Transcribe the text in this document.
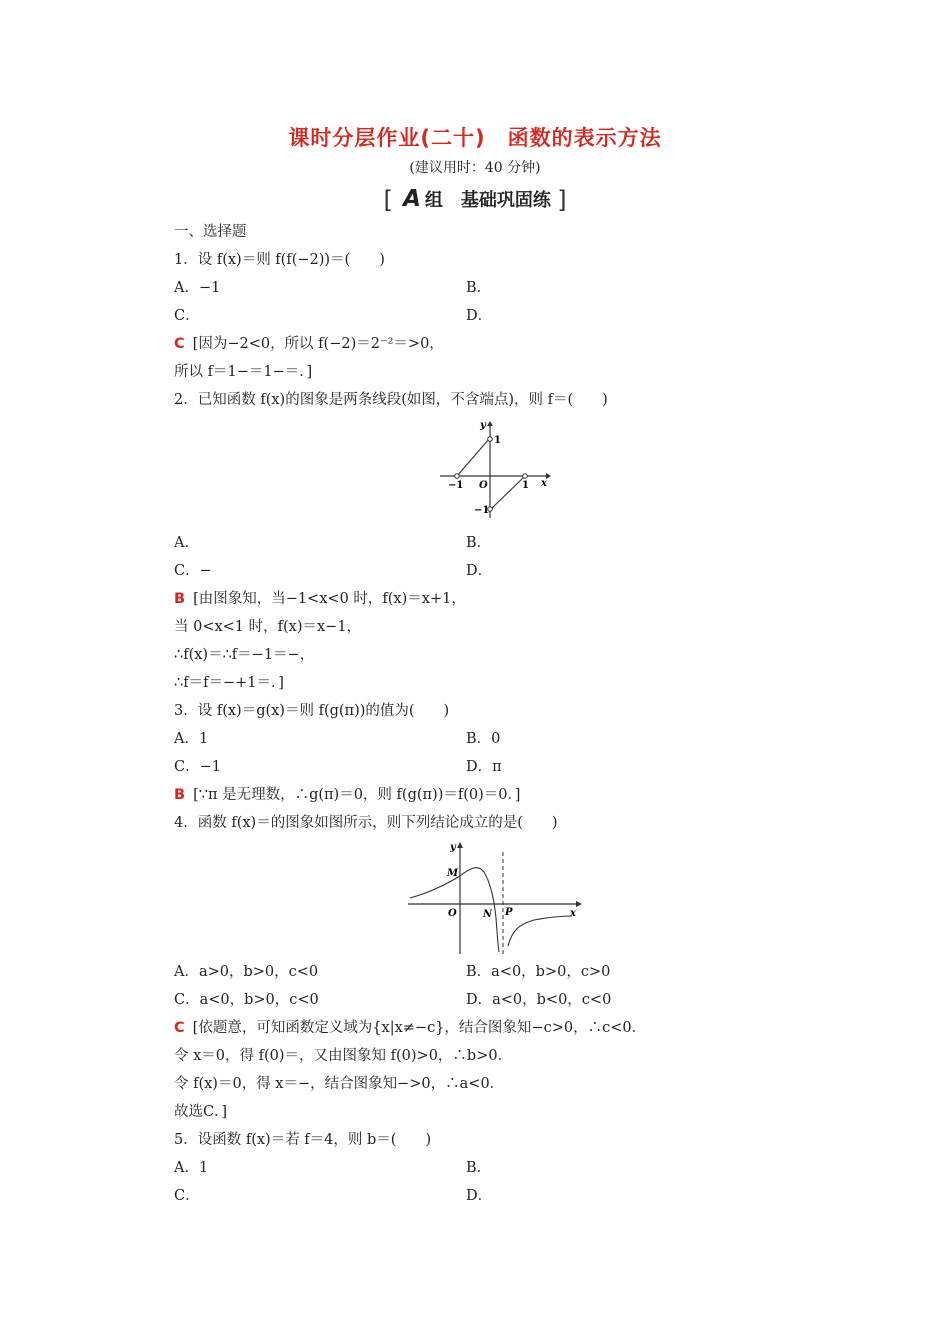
课时分层作业(二十) 函数的表示方法
(建议用时：40 分钟)
[ A 组　基础巩固练 ]
一、选择题
1．设 f(x)＝则 f(f(−2))＝(　　)
A．−1	B．
C．	D．
C [因为−2<0，所以 f(−2)＝2⁻²＝>0，
所以 f＝1−＝1−＝．]
2．已知函数 f(x)的图象是两条线段(如图，不含端点)，则 f＝(　　)
y
x
O
1
−1
−1	1
A．	B．
C．−	D．
B [由图象知，当−1<x<0 时，f(x)＝x+1，
当 0<x<1 时，f(x)＝x−1，
∴f(x)＝∴f＝−1＝−，
∴f＝f＝−+1＝．]
3．设 f(x)＝g(x)＝则 f(g(π))的值为(　　)
A．1	B．0
C．−1	D．π
B [∵π 是无理数，∴g(π)＝0，则 f(g(π))＝f(0)＝0．]
4．函数 f(x)＝的图象如图所示，则下列结论成立的是(　　)
y
x
O
M
N P
A．a>0，b>0，c<0	B．a<0，b>0，c>0
C．a<0，b>0，c<0	D．a<0，b<0，c<0
C [依题意，可知函数定义域为{x|x≠−c}，结合图象知−c>0，∴c<0．
令 x＝0，得 f(0)＝，又由图象知 f(0)>0，∴b>0．
令 f(x)＝0，得 x＝−，结合图象知−>0，∴a<0．
故选C．]
5．设函数 f(x)＝若 f＝4，则 b＝(　　)
A．1	B．
C．	D．
